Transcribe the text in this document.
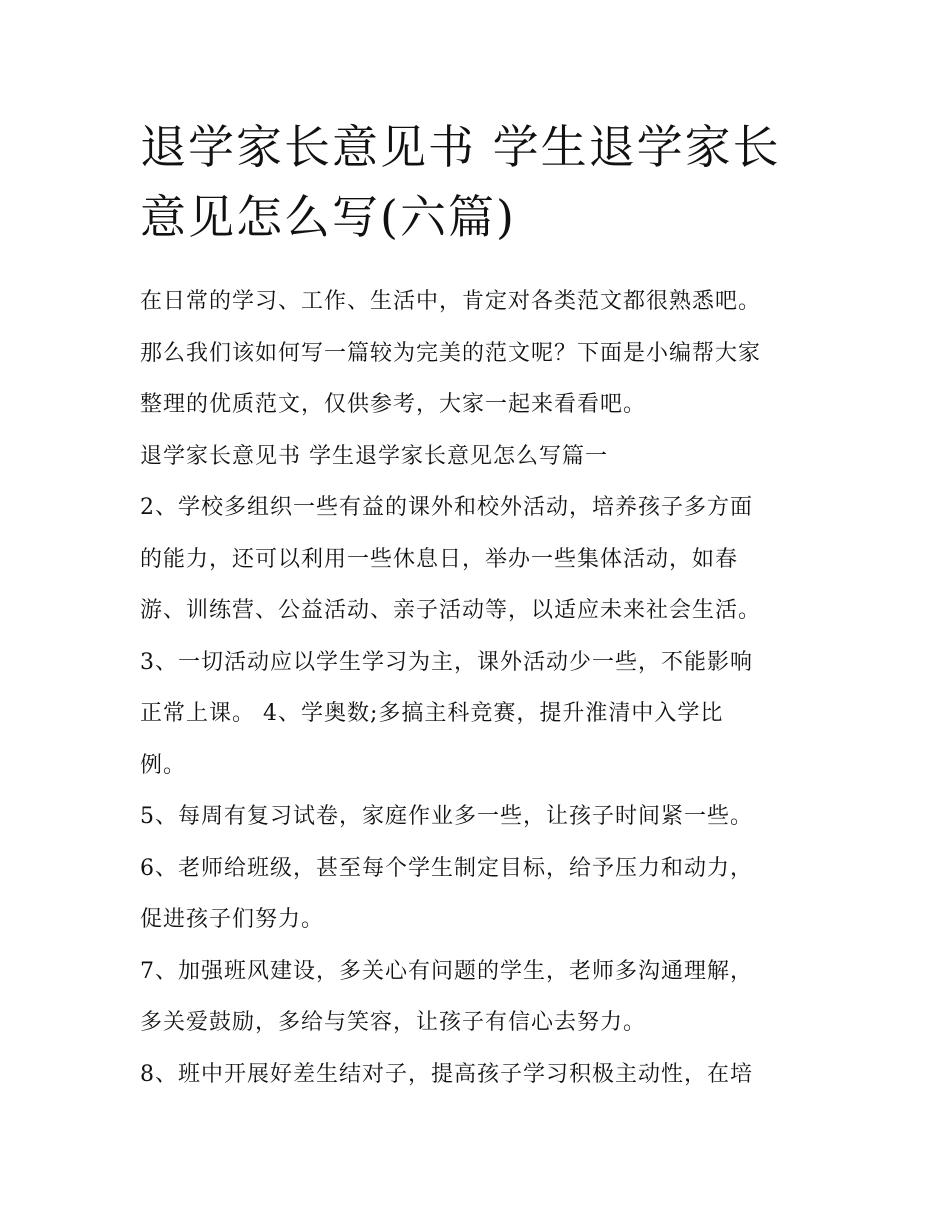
退学家长意见书 学生退学家长
意见怎么写(六篇)
在日常的学习、工作、生活中，肯定对各类范文都很熟悉吧。
那么我们该如何写一篇较为完美的范文呢？下面是小编帮大家
整理的优质范文，仅供参考，大家一起来看看吧。
退学家长意见书 学生退学家长意见怎么写篇一
2、学校多组织一些有益的课外和校外活动，培养孩子多方面
的能力，还可以利用一些休息日，举办一些集体活动，如春
游、训练营、公益活动、亲子活动等，以适应未来社会生活。
3、一切活动应以学生学习为主，课外活动少一些，不能影响
正常上课。 4、学奥数;多搞主科竞赛，提升淮清中入学比
例。
5、每周有复习试卷，家庭作业多一些，让孩子时间紧一些。
6、老师给班级，甚至每个学生制定目标，给予压力和动力，
促进孩子们努力。
7、加强班风建设，多关心有问题的学生，老师多沟通理解，
多关爱鼓励，多给与笑容，让孩子有信心去努力。
8、班中开展好差生结对子，提高孩子学习积极主动性，在培
